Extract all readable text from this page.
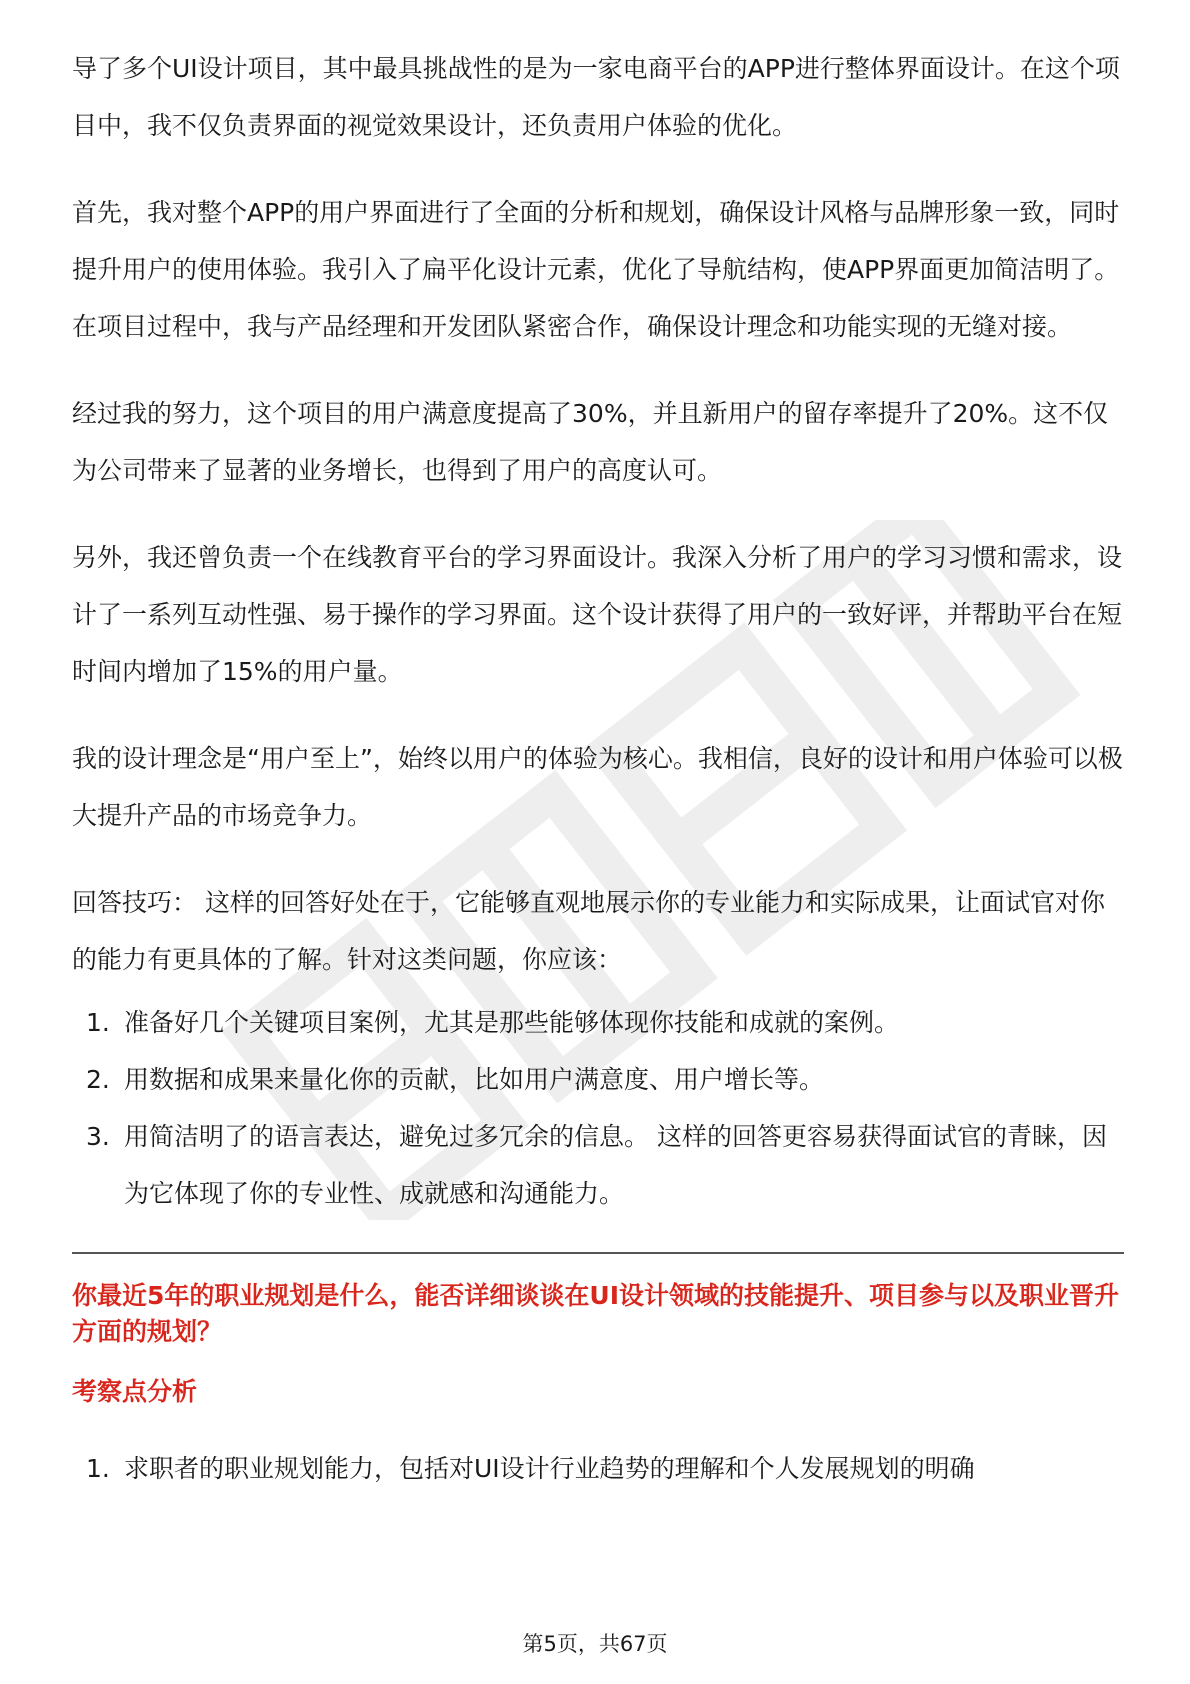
导了多个UI设计项目，其中最具挑战性的是为一家电商平台的APP进行整体界面设计。在这个项目中，我不仅负责界面的视觉效果设计，还负责用户体验的优化。

首先，我对整个APP的用户界面进行了全面的分析和规划，确保设计风格与品牌形象一致，同时提升用户的使用体验。我引入了扁平化设计元素，优化了导航结构，使APP界面更加简洁明了。在项目过程中，我与产品经理和开发团队紧密合作，确保设计理念和功能实现的无缝对接。

经过我的努力，这个项目的用户满意度提高了30%，并且新用户的留存率提升了20%。这不仅为公司带来了显著的业务增长，也得到了用户的高度认可。

另外，我还曾负责一个在线教育平台的学习界面设计。我深入分析了用户的学习习惯和需求，设计了一系列互动性强、易于操作的学习界面。这个设计获得了用户的一致好评，并帮助平台在短时间内增加了15%的用户量。

我的设计理念是“用户至上”，始终以用户的体验为核心。我相信，良好的设计和用户体验可以极大提升产品的市场竞争力。

回答技巧： 这样的回答好处在于，它能够直观地展示你的专业能力和实际成果，让面试官对你的能力有更具体的了解。针对这类问题，你应该：

1. 准备好几个关键项目案例，尤其是那些能够体现你技能和成就的案例。
2. 用数据和成果来量化你的贡献，比如用户满意度、用户增长等。
3. 用简洁明了的语言表达，避免过多冗余的信息。 这样的回答更容易获得面试官的青睐，因为它体现了你的专业性、成就感和沟通能力。
你最近5年的职业规划是什么，能否详细谈谈在UI设计领域的技能提升、项目参与以及职业晋升方面的规划？
考察点分析
1. 求职者的职业规划能力，包括对UI设计行业趋势的理解和个人发展规划的明确
第5页，共67页
